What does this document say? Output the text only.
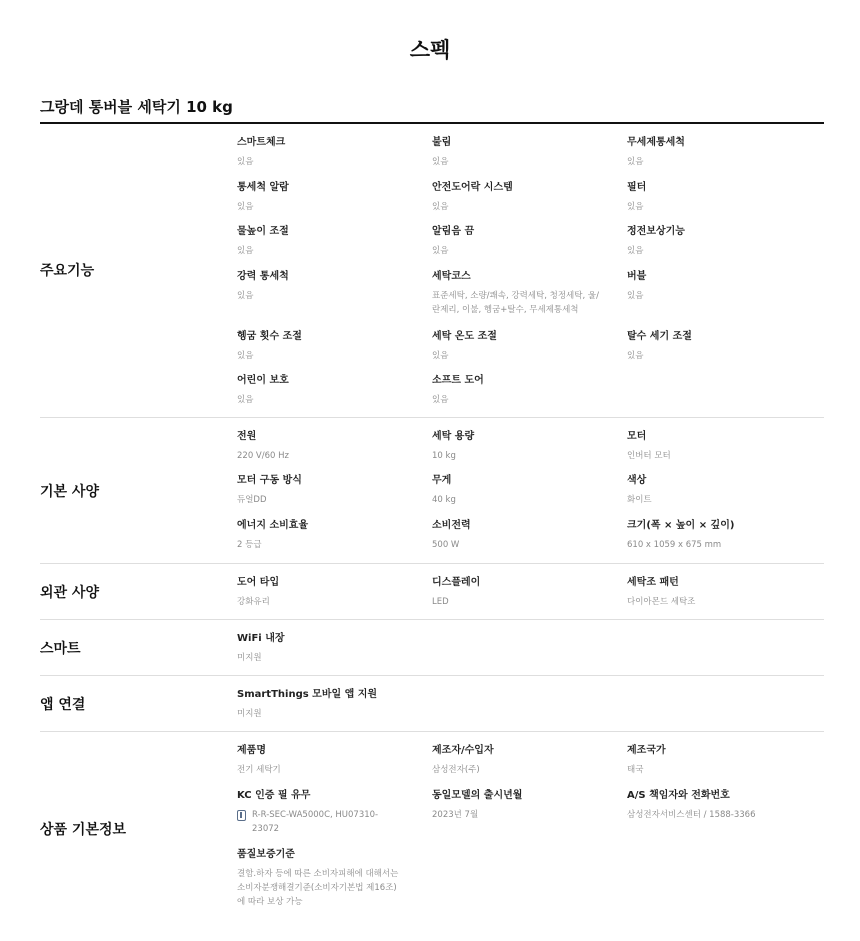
스펙
그랑데 통버블 세탁기 10 kg
주요기능
스마트체크
있음
불림
있음
무세제통세척
있음
통세척 알람
있음
안전도어락 시스템
있음
필터
있음
물높이 조절
있음
알림음 끔
있음
정전보상기능
있음
강력 통세척
있음
세탁코스
표준세탁, 소량/쾌속, 강력세탁, 청정세탁, 울/란제리, 이불, 헹굼+탈수, 무세제통세척
버블
있음
헹굼 횟수 조절
있음
세탁 온도 조절
있음
탈수 세기 조절
있음
어린이 보호
있음
소프트 도어
있음
기본 사양
전원
220 V/60 Hz
세탁 용량
10 kg
모터
인버터 모터
모터 구동 방식
듀얼DD
무게
40 kg
색상
화이트
에너지 소비효율
2 등급
소비전력
500 W
크기(폭 × 높이 × 깊이)
610 x 1059 x 675 mm
외관 사양
도어 타입
강화유리
디스플레이
LED
세탁조 패턴
다이아몬드 세탁조
스마트
WiFi 내장
미지원
앱 연결
SmartThings 모바일 앱 지원
미지원
상품 기본정보
제품명
전기 세탁기
제조자/수입자
삼성전자(주)
제조국가
태국
KC 인증 필 유무
R-R-SEC-WA5000C, HU07310-23072
동일모델의 출시년월
2023년 7월
A/S 책임자와 전화번호
삼성전자서비스센터 / 1588-3366
품질보증기준
결함.하자 등에 따른 소비자피해에 대해서는 소비자분쟁해결기준(소비자기본법 제16조)에 따라 보상 가능
